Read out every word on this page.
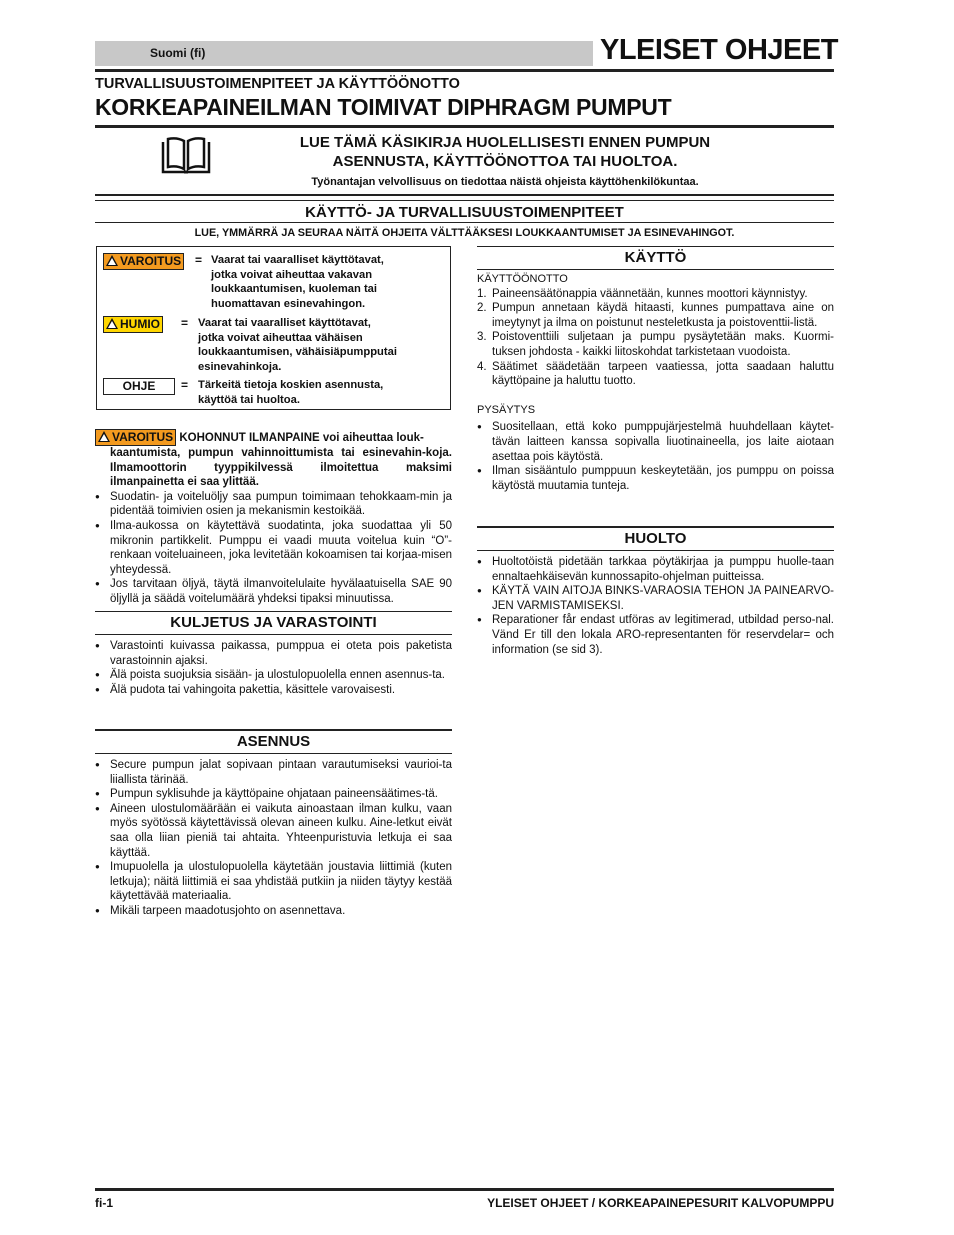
Suomi (fi)	YLEISET OHJEET
TURVALLISUUSTOIMENPITEET JA KÄYTTÖÖNOTTO
KORKEAPAINEILMAN TOIMIVAT DIPHRAGM PUMPUT
LUE TÄMÄ KÄSIKIRJA HUOLELLISESTI ENNEN PUMPUN
ASENNUSTA, KÄYTTÖÖNOTTOA TAI HUOLTOA.
Työnantajan velvollisuus on tiedottaa näistä ohjeista käyttöhenkilökuntaa.
KÄYTTÖ- JA TURVALLISUUSTOIMENPITEET
LUE, YMMÄRRÄ JA SEURAA NÄITÄ OHJEITA VÄLTTÄÄKSESI LOUKKAANTUMISET JA ESINEVAHINGOT.
VAROITUS = Vaarat tai vaaralliset käyttötavat,
jotka voivat aiheuttaa vakavan
loukkaantumisen, kuoleman tai
huomattavan esinevahingon.
HUMIO = Vaarat tai vaaralliset käyttötavat,
jotka voivat aiheuttaa vähäisen
loukkaantumisen, vähäisiäpumpputai
esinevahinkoja.
OHJE	= Tärkeitä tietoja koskien asennusta,
käyttöä tai huoltoa.
VAROITUS KOHONNUT ILMANPAINE voi aiheuttaa louk-
kaantumista, pumpun vahinnoittumista tai esinevahin-koja. Ilmamoottorin tyyppikilvessä ilmoitettua maksimi ilmanpainetta ei saa ylittää.
● Suodatin- ja voiteluöljy saa pumpun toimimaan tehokkaam-min ja pidentää toimivien osien ja mekanismin kestoikää.
● Ilma-aukossa on käytettävä suodatinta, joka suodattaa yli 50 mikronin partikkelit. Pumppu ei vaadi muuta voitelua kuin “O”-renkaan voiteluaineen, joka levitetään kokoamisen tai korjaa-misen yhteydessä.
● Jos tarvitaan öljyä, täytä ilmanvoitelulaite hyvälaatuisella SAE 90 öljyllä ja säädä voitelumäärä yhdeksi tipaksi minuutissa.
KULJETUS JA VARASTOINTI
● Varastointi kuivassa paikassa, pumppua ei oteta pois paketista varastoinnin ajaksi.
● Älä poista suojuksia sisään- ja ulostulopuolella ennen asennus-ta.
● Älä pudota tai vahingoita pakettia, käsittele varovaisesti.
ASENNUS
● Secure pumpun jalat sopivaan pintaan varautumiseksi vaurioi-ta liiallista tärinää.
● Pumpun syklisuhde ja käyttöpaine ohjataan paineensäätimes-tä.
● Aineen ulostulomäärään ei vaikuta ainoastaan ilman kulku, vaan myös syötössä käytettävissä olevan aineen kulku. Aine-letkut eivät saa olla liian pieniä tai ahtaita. Yhteenpuristuvia letkuja ei saa käyttää.
● Imupuolella ja ulostulopuolella käytetään joustavia liittimiä (kuten letkuja); näitä liittimiä ei saa yhdistää putkiin ja niiden täytyy kestää käytettävää materiaalia.
● Mikäli tarpeen maadotusjohto on asennettava.
KÄYTTÖ
KÄYTTÖÖNOTTO
1. Paineensäätönappia väännetään, kunnes moottori käynnistyy.
2. Pumpun annetaan käydä hitaasti, kunnes pumpattava aine on imeytynyt ja ilma on poistunut nesteletkusta ja poistoventtii-listä.
3. Poistoventtiili suljetaan ja pumpu pysäytetään maks. Kuormi-tuksen johdosta - kaikki liitoskohdat tarkistetaan vuodoista.
4. Säätimet säädetään tarpeen vaatiessa, jotta saadaan haluttu käyttöpaine ja haluttu tuotto.
PYSÄYTYS
● Suositellaan, että koko pumppujärjestelmä huuhdellaan käytet-tävän laitteen kanssa sopivalla liuotinaineella, jos laite aiotaan asettaa pois käytöstä.
● Ilman sisääntulo pumppuun keskeytetään, jos pumppu on poissa käytöstä muutamia tunteja.
HUOLTO
● Huoltotöistä pidetään tarkkaa pöytäkirjaa ja pumppu huolle-taan ennaltaehkäisevän kunnossapito-ohjelman puitteissa.
● KÄYTÄ VAIN AITOJA BINKS-VARAOSIA TEHON JA PAINEARVO-JEN VARMISTAMISEKSI.
● Reparationer får endast utföras av legitimerad, utbildad perso-nal. Vänd Er till den lokala ARO-representanten för reservdelar= och information (se sid 3).
fi-1	YLEISET OHJEET / KORKEAPAINEPESURIT KALVOPUMPPU
